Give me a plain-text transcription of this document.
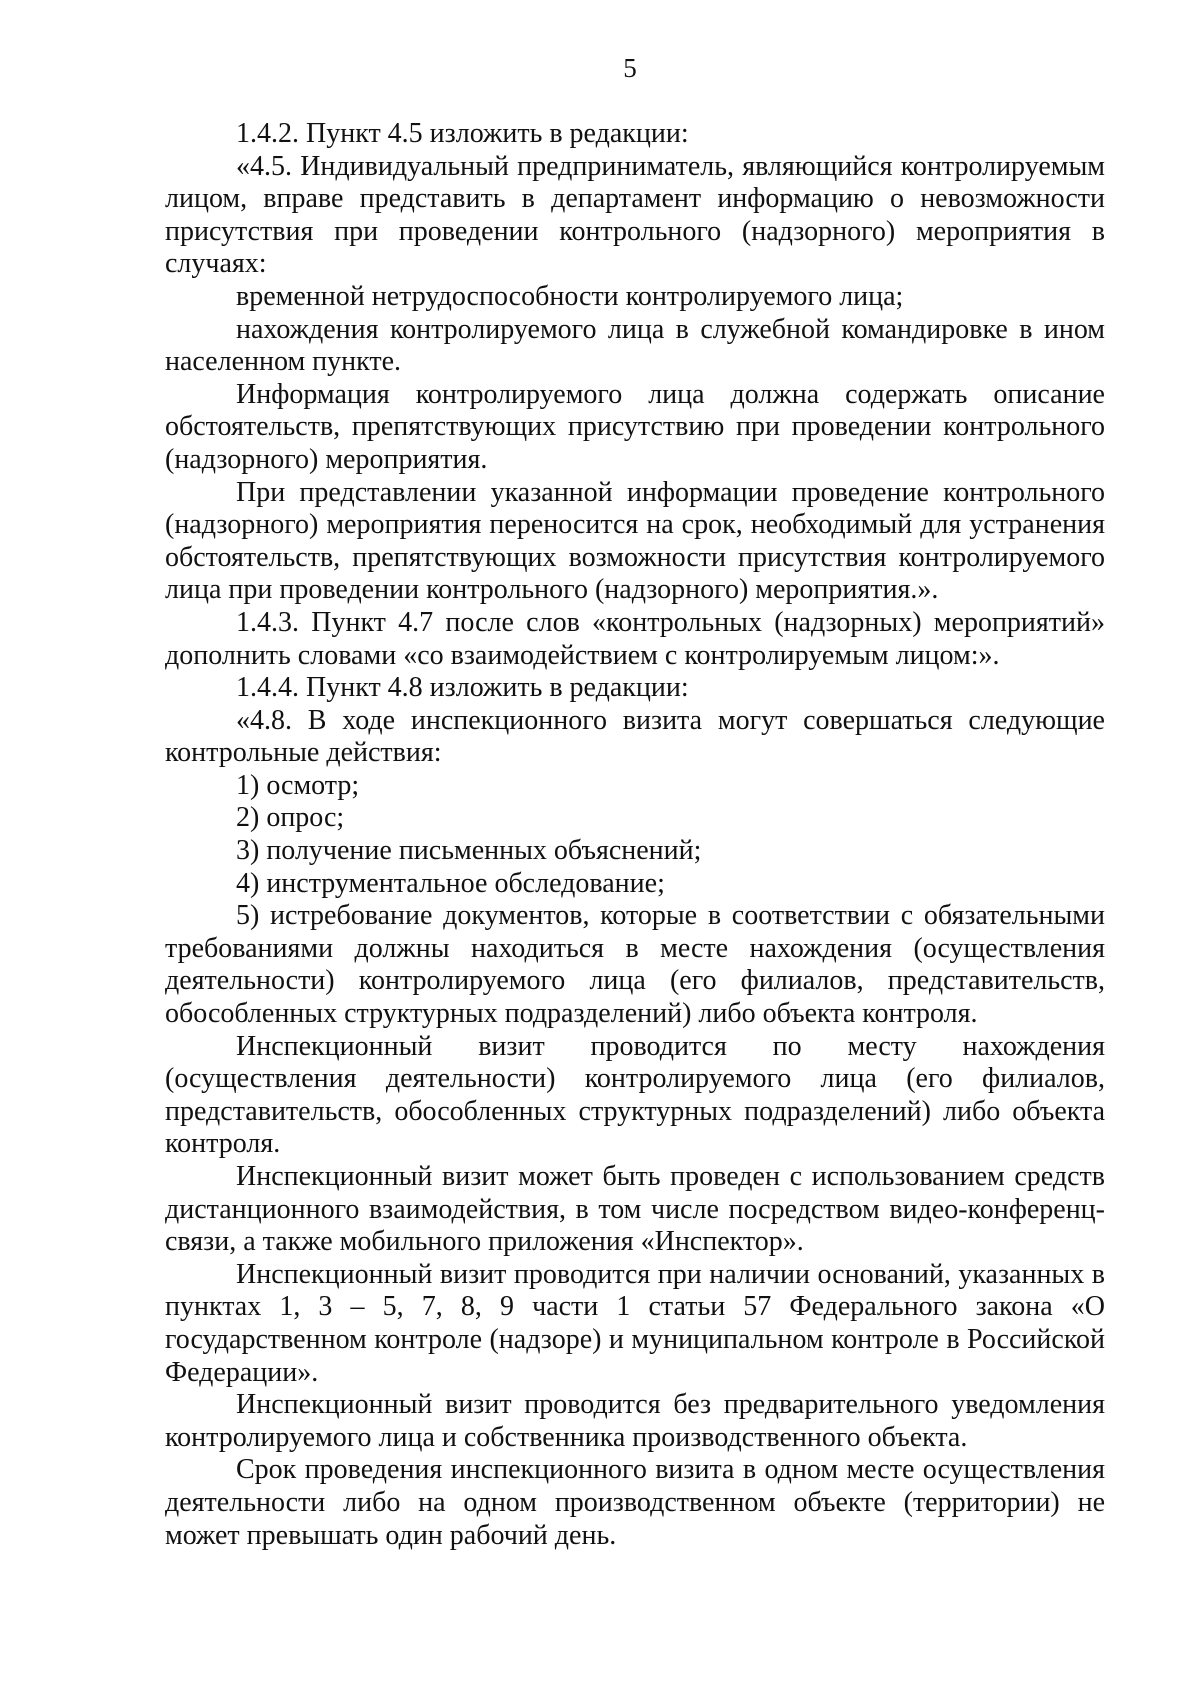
5

1.4.2. Пункт 4.5 изложить в редакции:

«4.5. Индивидуальный предприниматель, являющийся контролируемым лицом, вправе представить в департамент информацию о невозможности присутствия при проведении контрольного (надзорного) мероприятия в случаях:

временной нетрудоспособности контролируемого лица;

нахождения контролируемого лица в служебной командировке в ином населенном пункте.

Информация контролируемого лица должна содержать описание обстоятельств, препятствующих присутствию при проведении контрольного (надзорного) мероприятия.

При представлении указанной информации проведение контрольного (надзорного) мероприятия переносится на срок, необходимый для устранения обстоятельств, препятствующих возможности присутствия контролируемого лица при проведении контрольного (надзорного) мероприятия.».

1.4.3. Пункт 4.7 после слов «контрольных (надзорных) мероприятий» дополнить словами «со взаимодействием с контролируемым лицом:».

1.4.4. Пункт 4.8 изложить в редакции:

«4.8. В ходе инспекционного визита могут совершаться следующие контрольные действия:

1) осмотр;

2) опрос;

3) получение письменных объяснений;

4) инструментальное обследование;

5) истребование документов, которые в соответствии с обязательными требованиями должны находиться в месте нахождения (осуществления деятельности) контролируемого лица (его филиалов, представительств, обособленных структурных подразделений) либо объекта контроля.

Инспекционный визит проводится по месту нахождения (осуществления деятельности) контролируемого лица (его филиалов, представительств, обособленных структурных подразделений) либо объекта контроля.

Инспекционный визит может быть проведен с использованием средств дистанционного взаимодействия, в том числе посредством видео-конференц-связи, а также мобильного приложения «Инспектор».

Инспекционный визит проводится при наличии оснований, указанных в пунктах 1, 3 – 5, 7, 8, 9 части 1 статьи 57 Федерального закона «О государственном контроле (надзоре) и муниципальном контроле в Российской Федерации».

Инспекционный визит проводится без предварительного уведомления контролируемого лица и собственника производственного объекта.

Срок проведения инспекционного визита в одном месте осуществления деятельности либо на одном производственном объекте (территории) не может превышать один рабочий день.
